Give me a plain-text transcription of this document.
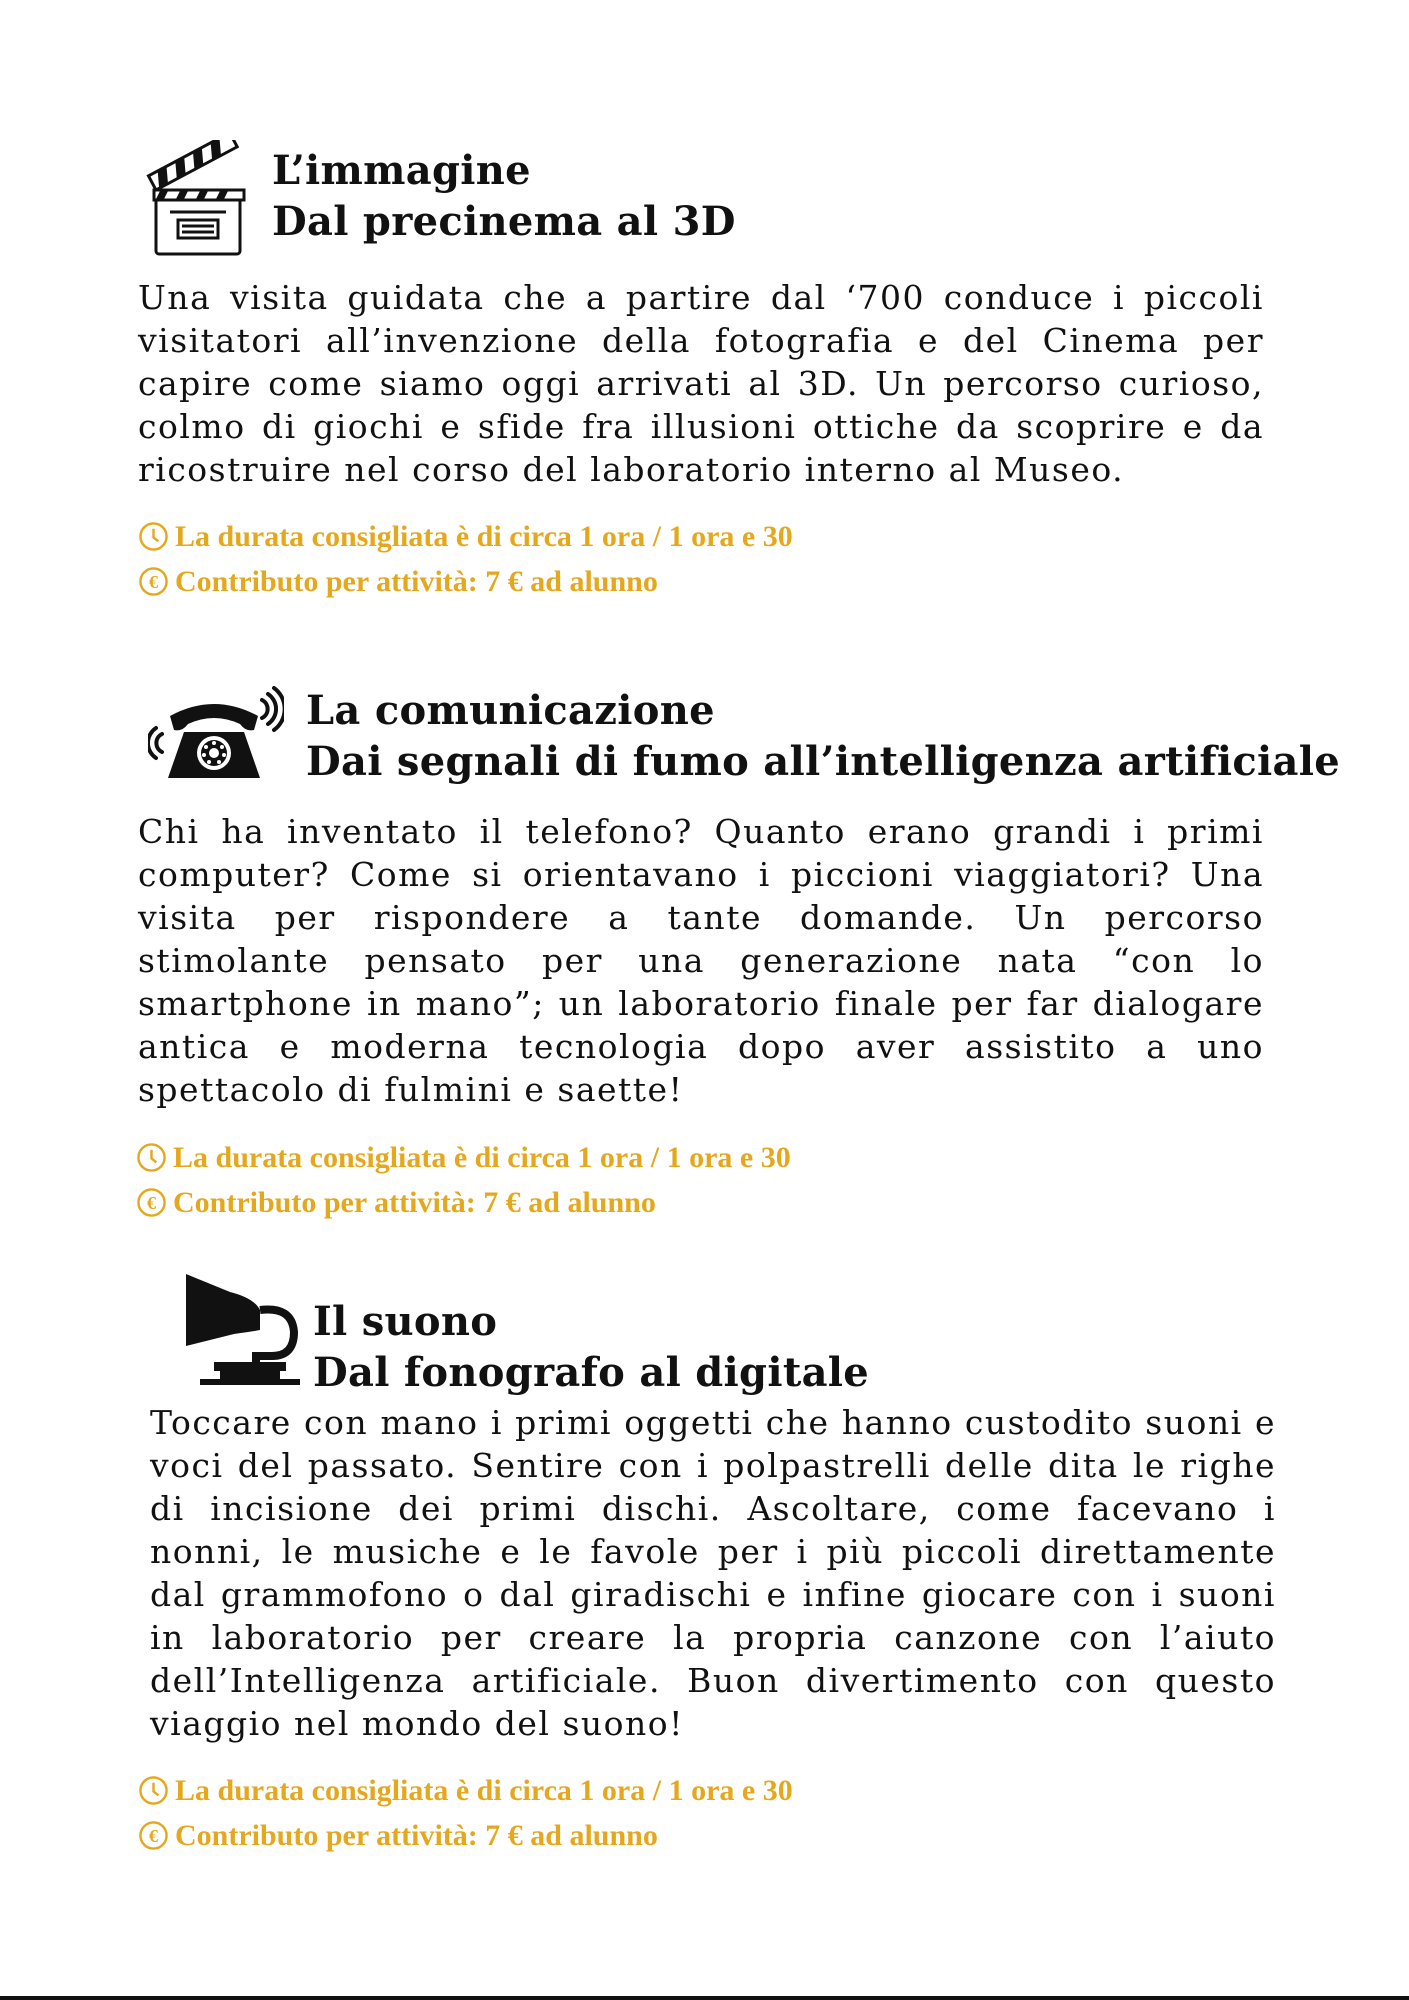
L’immagine
Dal precinema al 3D
Una visita guidata che a partire dal ‘700 conduce i piccoli visitatori all’invenzione della fotografia e del Cinema per capire come siamo oggi arrivati al 3D. Un percorso curioso, colmo di giochi e sfide fra illusioni ottiche da scoprire e da ricostruire nel corso del laboratorio interno al Museo.
La durata consigliata è di circa 1 ora / 1 ora e 30
€ Contributo per attività: 7 € ad alunno
La comunicazione
Dai segnali di fumo all’intelligenza artificiale
Chi ha inventato il telefono? Quanto erano grandi i primi computer? Come si orientavano i piccioni viaggiatori? Una visita per rispondere a tante domande. Un percorso stimolante pensato per una generazione nata “con lo smartphone in mano”; un laboratorio finale per far dialogare antica e moderna tecnologia dopo aver assistito a uno spettacolo di fulmini e saette!
La durata consigliata è di circa 1 ora / 1 ora e 30
€ Contributo per attività: 7 € ad alunno
Il suono
Dal fonografo al digitale
Toccare con mano i primi oggetti che hanno custodito suoni e voci del passato. Sentire con i polpastrelli delle dita le righe di incisione dei primi dischi. Ascoltare, come facevano i nonni, le musiche e le favole per i più piccoli direttamente dal grammofono o dal giradischi e infine giocare con i suoni in laboratorio per creare la propria canzone con l’aiuto dell’Intelligenza artificiale. Buon divertimento con questo viaggio nel mondo del suono!
La durata consigliata è di circa 1 ora / 1 ora e 30
€ Contributo per attività: 7 € ad alunno
